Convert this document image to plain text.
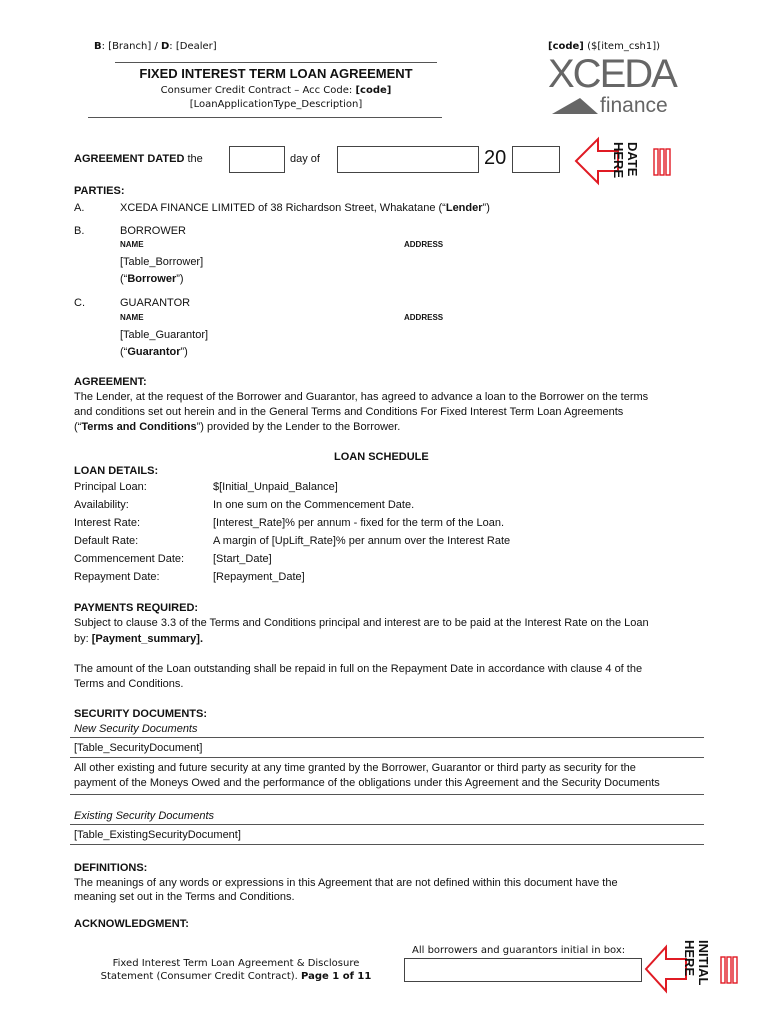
B: [Branch] / D: [Dealer]	[code] ($[item_csh1])
FIXED INTEREST TERM LOAN AGREEMENT
Consumer Credit Contract – Acc Code: [code]
[LoanApplicationType_Description]
XCEDA
finance
AGREEMENT DATED the	day of	20	DATE
HERE
PARTIES:
A.	XCEDA FINANCE LIMITED of 38 Richardson Street, Whakatane (“Lender”)
B.	BORROWER
NAME	ADDRESS
[Table_Borrower]
(“Borrower”)
C.	GUARANTOR
NAME	ADDRESS
[Table_Guarantor]
(“Guarantor”)
AGREEMENT:
The Lender, at the request of the Borrower and Guarantor, has agreed to advance a loan to the Borrower on the terms
and conditions set out herein and in the General Terms and Conditions For Fixed Interest Term Loan Agreements
(“Terms and Conditions”) provided by the Lender to the Borrower.
LOAN SCHEDULE
LOAN DETAILS:
Principal Loan:	$[Initial_Unpaid_Balance]
Availability:	In one sum on the Commencement Date.
Interest Rate:	[Interest_Rate]% per annum - fixed for the term of the Loan.
Default Rate:	A margin of [UpLift_Rate]% per annum over the Interest Rate
Commencement Date:	[Start_Date]
Repayment Date:	[Repayment_Date]
PAYMENTS REQUIRED:
Subject to clause 3.3 of the Terms and Conditions principal and interest are to be paid at the Interest Rate on the Loan
by: [Payment_summary].
The amount of the Loan outstanding shall be repaid in full on the Repayment Date in accordance with clause 4 of the
Terms and Conditions.
SECURITY DOCUMENTS:
New Security Documents
[Table_SecurityDocument]
All other existing and future security at any time granted by the Borrower, Guarantor or third party as security for the
payment of the Moneys Owed and the performance of the obligations under this Agreement and the Security Documents
Existing Security Documents
[Table_ExistingSecurityDocument]
DEFINITIONS:
The meanings of any words or expressions in this Agreement that are not defined within this document have the
meaning set out in the Terms and Conditions.
ACKNOWLEDGMENT:
Fixed Interest Term Loan Agreement & Disclosure
Statement (Consumer Credit Contract). Page 1 of 11
All borrowers and guarantors initial in box:	INITIAL
HERE
